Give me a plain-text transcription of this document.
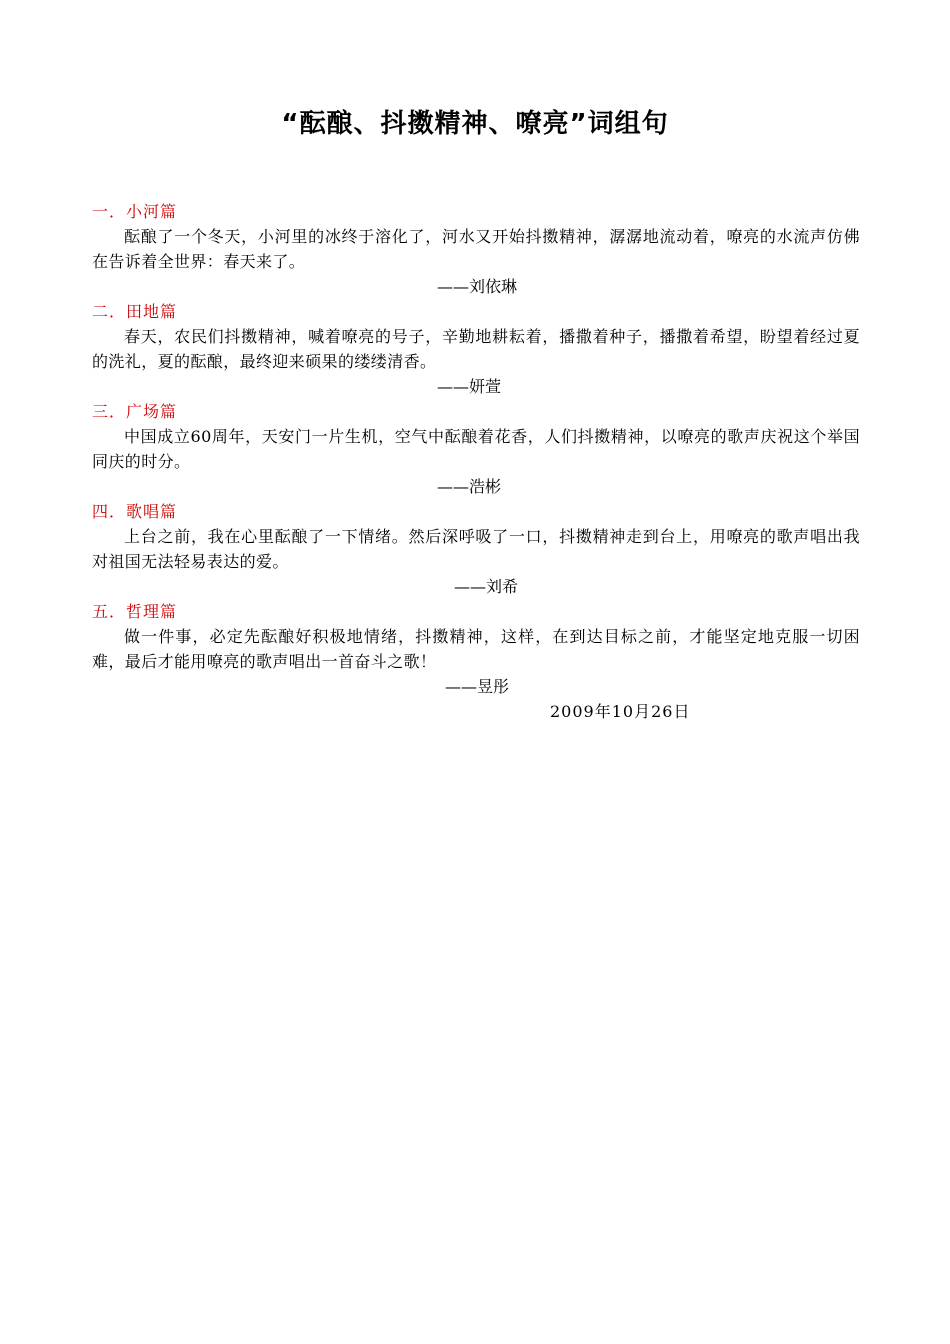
“酝酿、抖擞精神、嘹亮”词组句

一．小河篇

酝酿了一个冬天，小河里的冰终于溶化了，河水又开始抖擞精神，潺潺地流动着，嘹亮的水流声仿佛在告诉着全世界：春天来了。

——刘依琳

二．田地篇

春天，农民们抖擞精神，喊着嘹亮的号子，辛勤地耕耘着，播撒着种子，播撒着希望，盼望着经过夏的洗礼，夏的酝酿，最终迎来硕果的缕缕清香。

——妍萱

三．广场篇

中国成立60周年，天安门一片生机，空气中酝酿着花香，人们抖擞精神，以嘹亮的歌声庆祝这个举国同庆的时分。

——浩彬

四．歌唱篇

上台之前，我在心里酝酿了一下情绪。然后深呼吸了一口，抖擞精神走到台上，用嘹亮的歌声唱出我对祖国无法轻易表达的爱。

——刘希

五．哲理篇

做一件事，必定先酝酿好积极地情绪，抖擞精神，这样，在到达目标之前，才能坚定地克服一切困难，最后才能用嘹亮的歌声唱出一首奋斗之歌！

——昱彤
2009年10月26日
